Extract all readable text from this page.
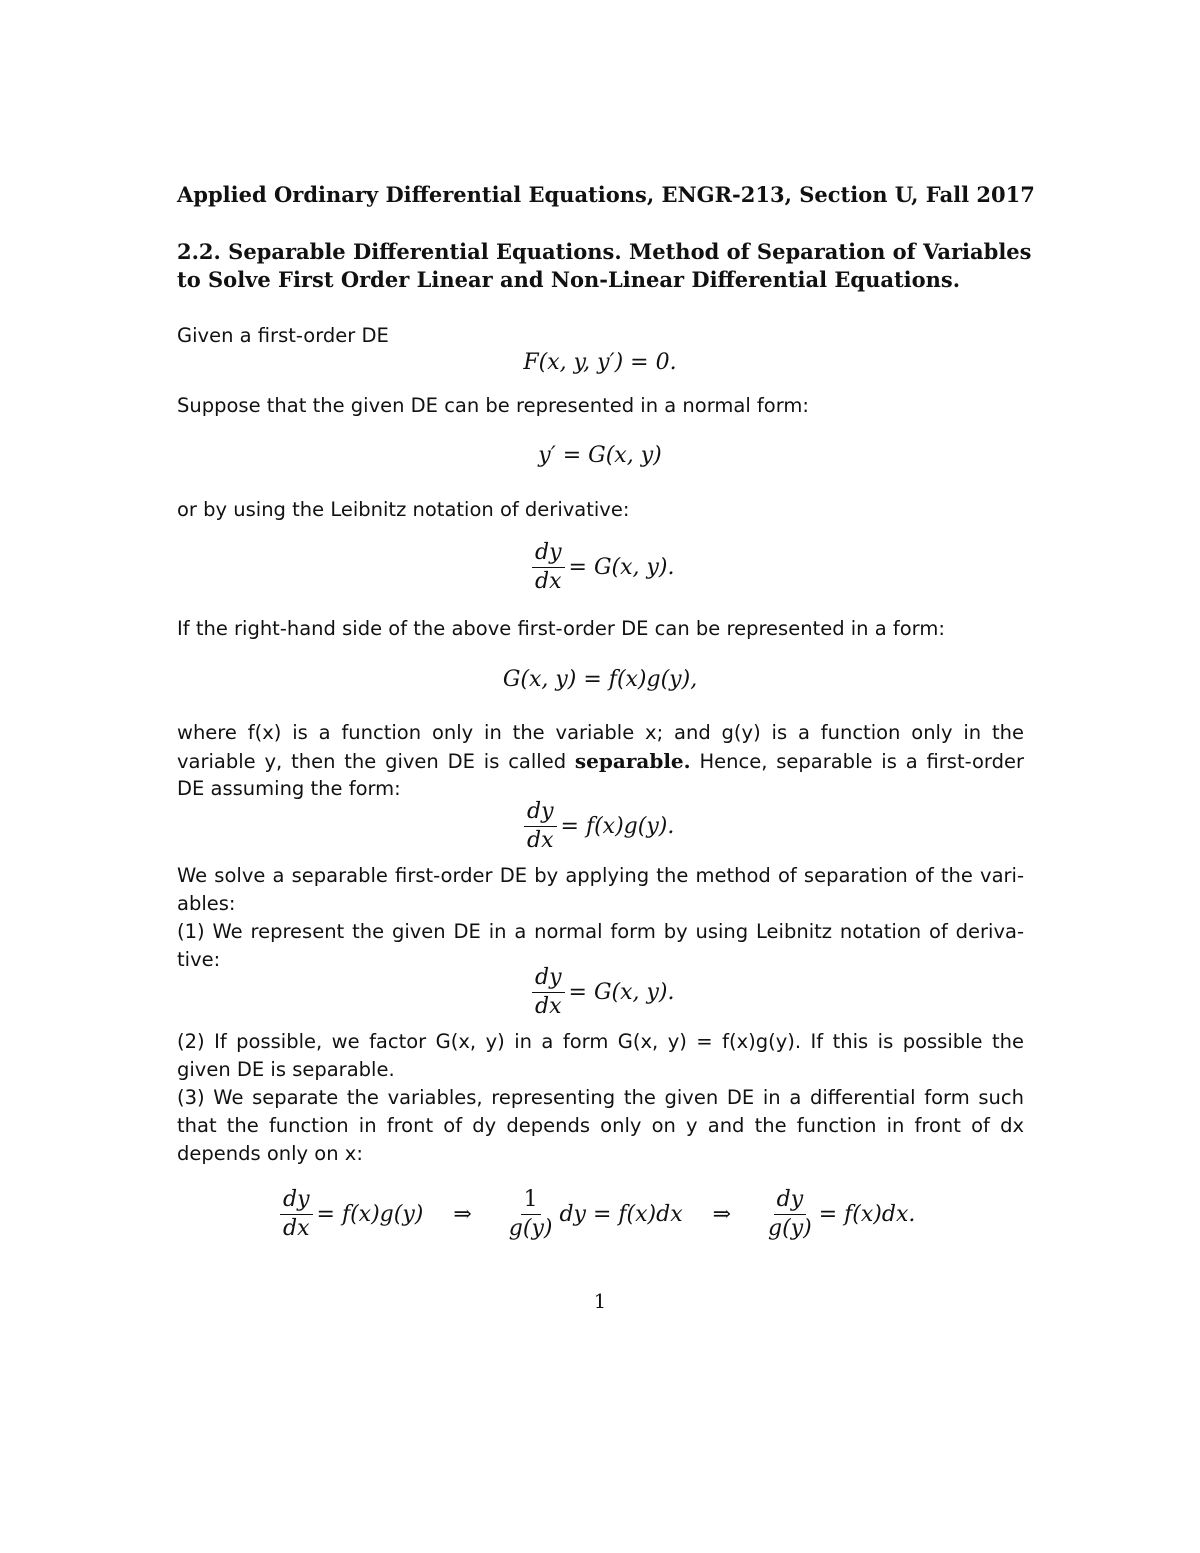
Applied Ordinary Differential Equations, ENGR-213, Section U, Fall 2017
2.2. Separable Differential Equations. Method of Separation of Variables
to Solve First Order Linear and Non-Linear Differential Equations.
Given a first-order DE
F(x, y, y′) = 0.
Suppose that the given DE can be represented in a normal form:
y′ = G(x, y)
or by using the Leibnitz notation of derivative:
$\frac{dy}{dx} = G(x$, y).
If the right-hand side of the above first-order DE can be represented in a form:
G(x, y) = f(x)g(y),
where f(x) is a function only in the variable x; and g(y) is a function only in the
variable y, then the given DE is called separable. Hence, separable is a first-order
DE assuming the form:
$\frac{dy}{dx} = f(x)g(y)$.
We solve a separable first-order DE by applying the method of separation of the vari-
ables:
(1) We represent the given DE in a normal form by using Leibnitz notation of deriva-
tive:
$\frac{dy}{dx} = G(x$, y).
(2) If possible, we factor G(x, y) in a form G(x, y) = f(x)g(y). If this is possible the
given DE is separable.
(3) We separate the variables, representing the given DE in a differential form such
that the function in front of dy depends only on y and the function in front of dx
depends only on x:
$\frac{dy}{dx} = f(x)g(y)$ ⇒ $\frac{1}{g(y)}$ dy = f(x)dx ⇒ $\frac{dy}{g(y)} = f(x)dx$.
1
